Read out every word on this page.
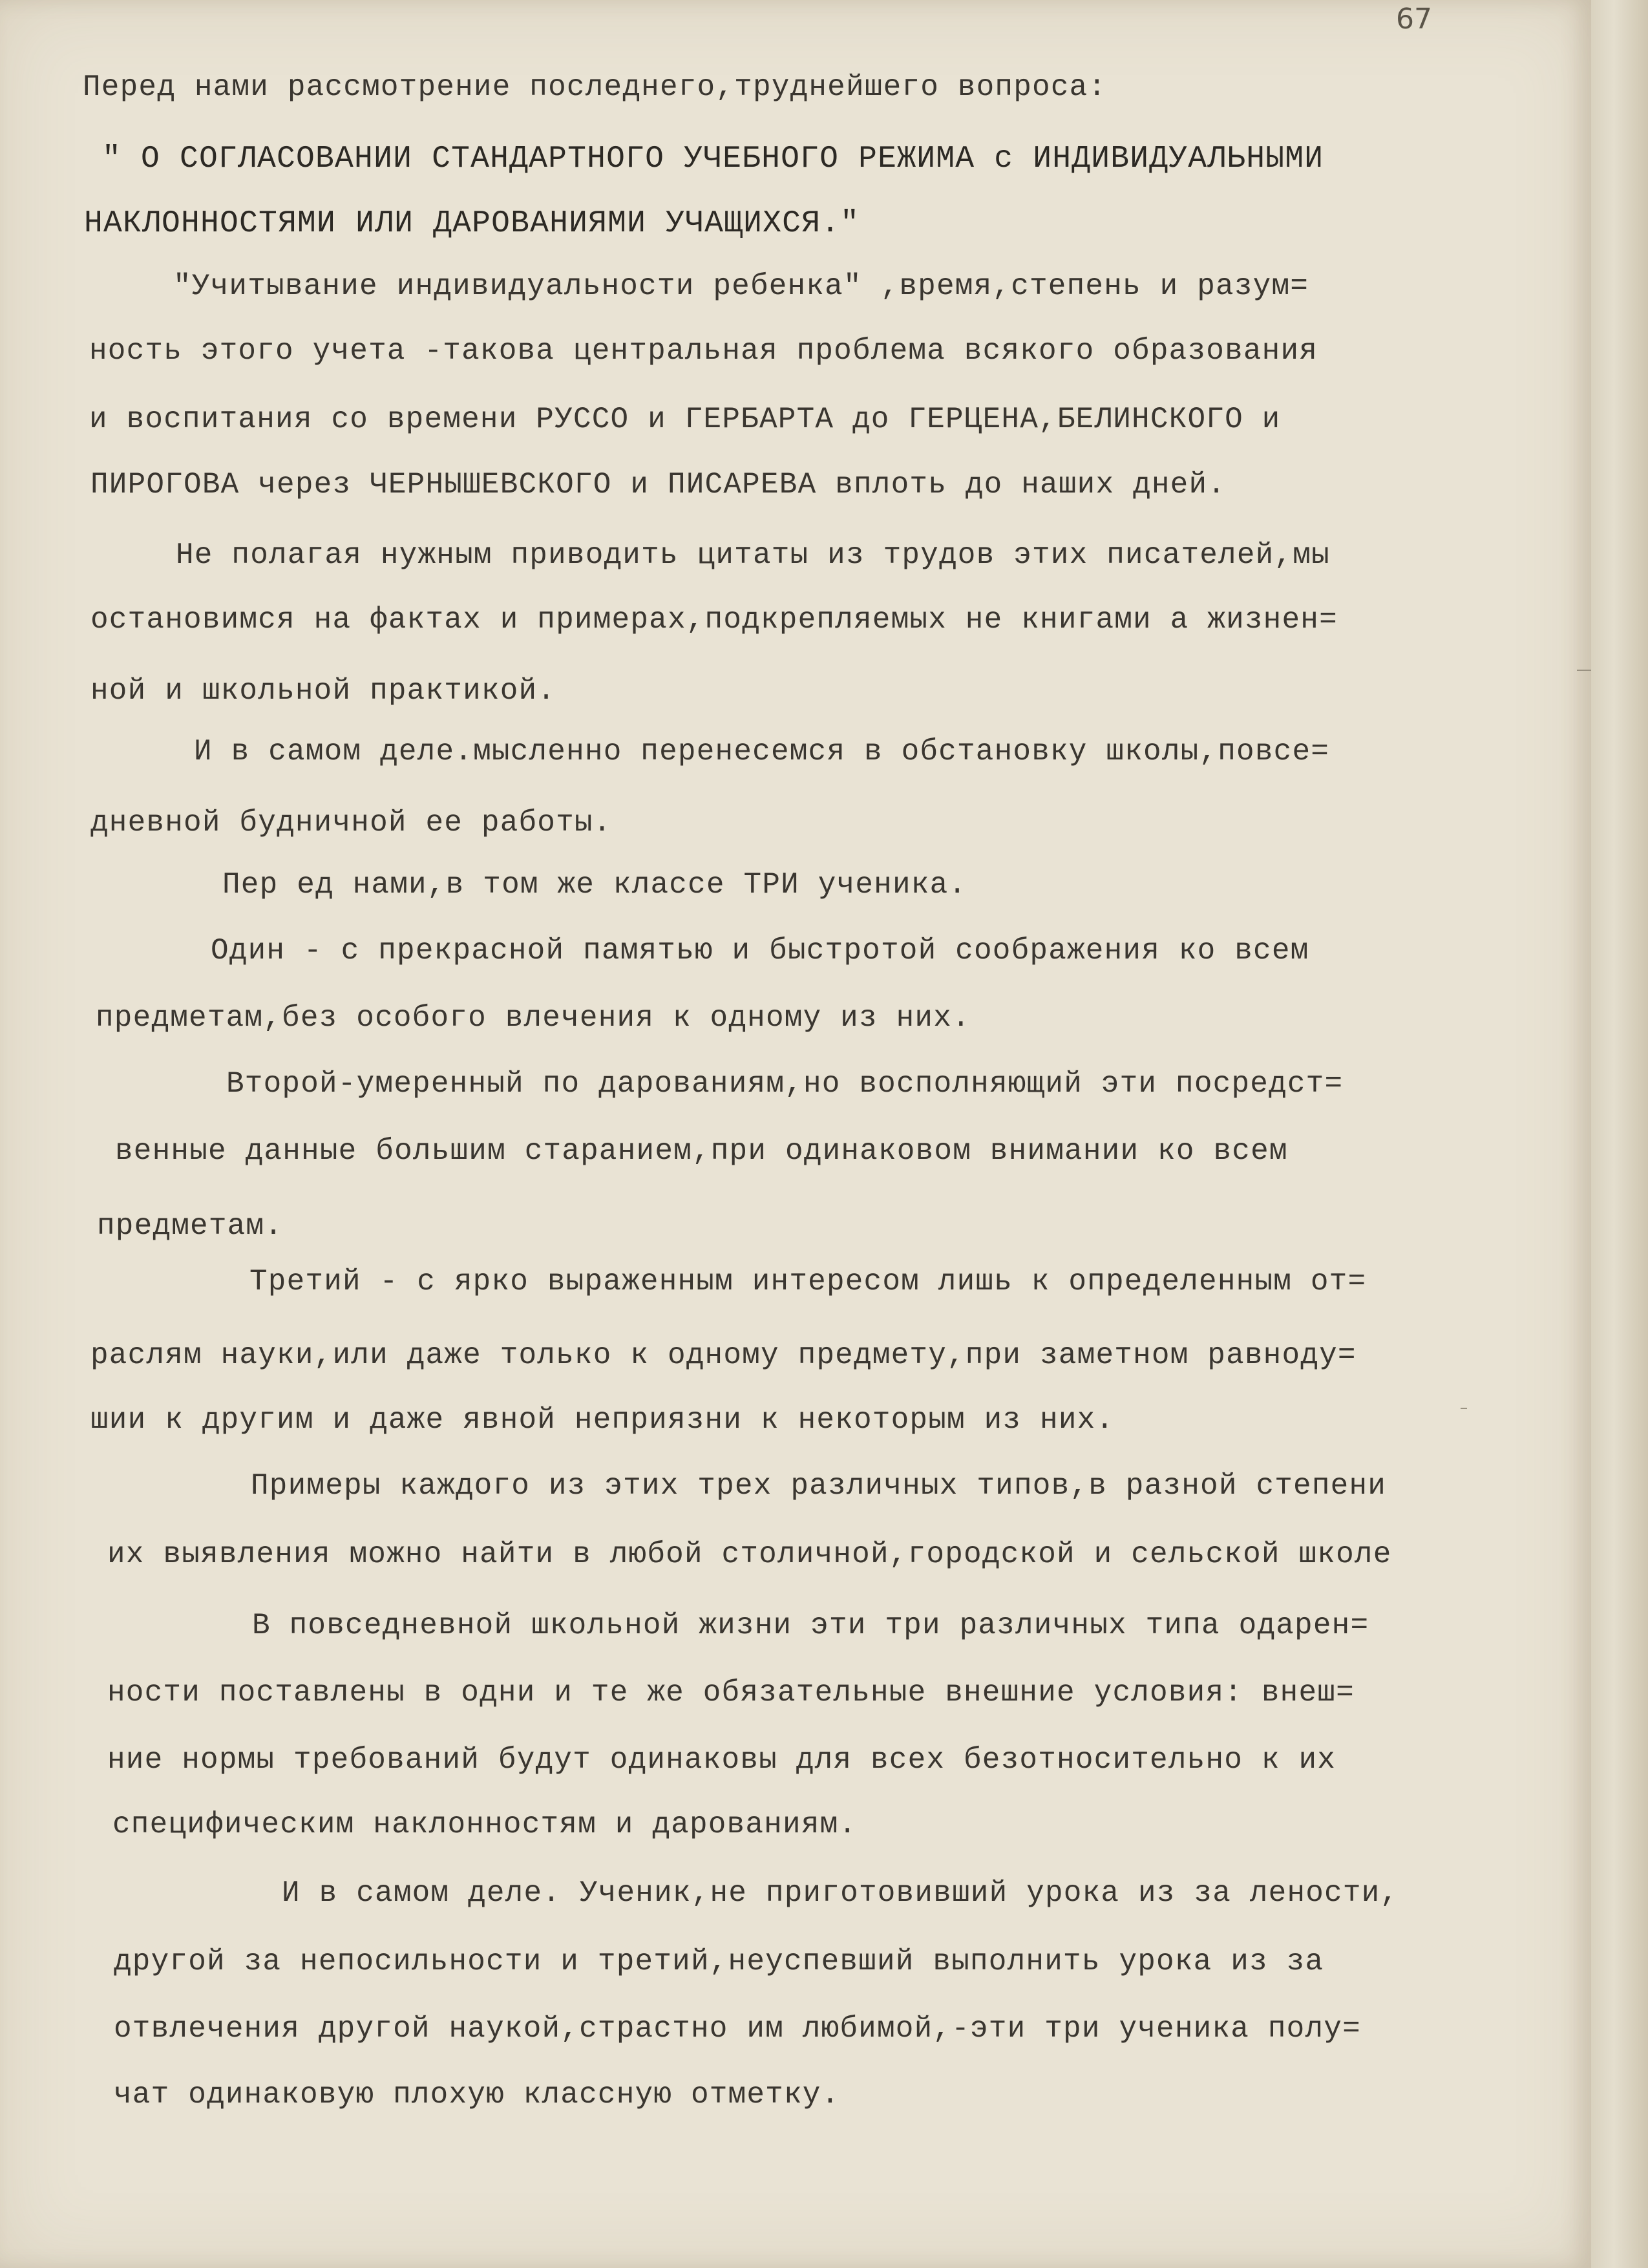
67
Перед нами рассмотрение последнего,труднейшего вопроса:
" О СОГЛАСОВАНИИ СТАНДАРТНОГО УЧЕБНОГО РЕЖИМА с ИНДИВИДУАЛЬНЫМИ
НАКЛОННОСТЯМИ ИЛИ ДАРОВАНИЯМИ УЧАЩИХСЯ."
"Учитывание индивидуальности ребенка" ,время,степень и разум=
ность этого учета -такова центральная проблема всякого образования
и воспитания со времени РУССО и ГЕРБАРТА до ГЕРЦЕНА,БЕЛИНСКОГО и
ПИРОГОВА через ЧЕРНЫШЕВСКОГО и ПИСАРЕВА вплоть до наших дней.
Не полагая нужным приводить цитаты из трудов этих писателей,мы
остановимся на фактах и примерах,подкрепляемых не книгами а жизнен=
ной и школьной практикой.
И в самом деле.мысленно перенесемся в обстановку школы,повсе=
дневной будничной ее работы.
Пер ед нами,в том же классе ТРИ ученика.
Один - с прекрасной памятью и быстротой соображения ко всем
предметам,без особого влечения к одному из них.
Второй-умеренный по дарованиям,но восполняющий эти посредст=
венные данные большим старанием,при одинаковом внимании ко всем
предметам.
Третий - с ярко выраженным интересом лишь к определенным от=
раслям науки,или даже только к одному предмету,при заметном равноду=
шии к другим и даже явной неприязни к некоторым из них.
Примеры каждого из этих трех различных типов,в разной степени
их выявления можно найти в любой столичной,городской и сельской школе
В повседневной школьной жизни эти три различных типа одарен=
ности поставлены в одни и те же обязательные внешние условия: внеш=
ние нормы требований будут одинаковы для всех безотносительно к их
специфическим наклонностям и дарованиям.
И в самом деле. Ученик,не приготовивший урока из за лености,
другой за непосильности и третий,неуспевший выполнить урока из за
отвлечения другой наукой,страстно им любимой,-эти три ученика полу=
чат одинаковую плохую классную отметку.
